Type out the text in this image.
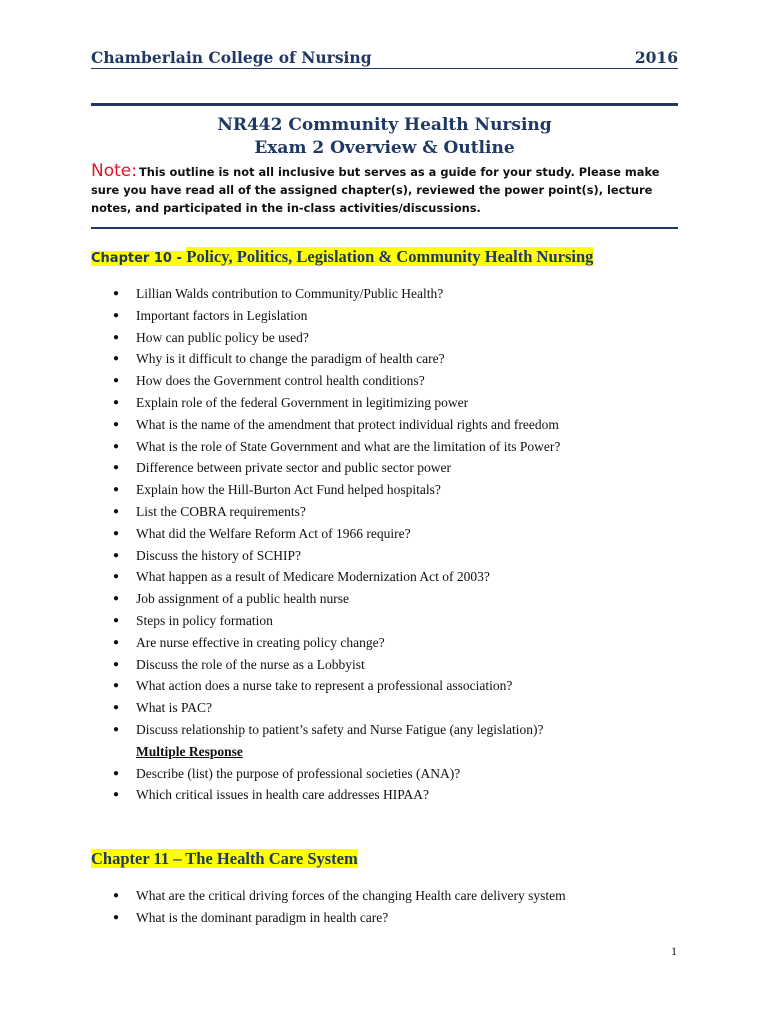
Chamberlain College of Nursing	2016
NR442 Community Health Nursing
Exam 2 Overview & Outline
Note: This outline is not all inclusive but serves as a guide for your study. Please make sure you have read all of the assigned chapter(s), reviewed the power point(s), lecture notes, and participated in the in-class activities/discussions.
Chapter 10 - Policy, Politics, Legislation & Community Health Nursing
● Lillian Walds contribution to Community/Public Health?
● Important factors in Legislation
● How can public policy be used?
● Why is it difficult to change the paradigm of health care?
● How does the Government control health conditions?
● Explain role of the federal Government in legitimizing power
● What is the name of the amendment that protect individual rights and freedom
● What is the role of State Government and what are the limitation of its Power?
● Difference between private sector and public sector power
● Explain how the Hill-Burton Act Fund helped hospitals?
● List the COBRA requirements?
● What did the Welfare Reform Act of 1966 require?
● Discuss the history of SCHIP?
● What happen as a result of Medicare Modernization Act of 2003?
● Job assignment of a public health nurse
● Steps in policy formation
● Are nurse effective in creating policy change?
● Discuss the role of the nurse as a Lobbyist
● What action does a nurse take to represent a professional association?
● What is PAC?
● Discuss relationship to patient’s safety and Nurse Fatigue (any legislation)?
Multiple Response
● Describe (list) the purpose of professional societies (ANA)?
● Which critical issues in health care addresses HIPAA?
Chapter 11 – The Health Care System
● What are the critical driving forces of the changing Health care delivery system
● What is the dominant paradigm in health care?
1
